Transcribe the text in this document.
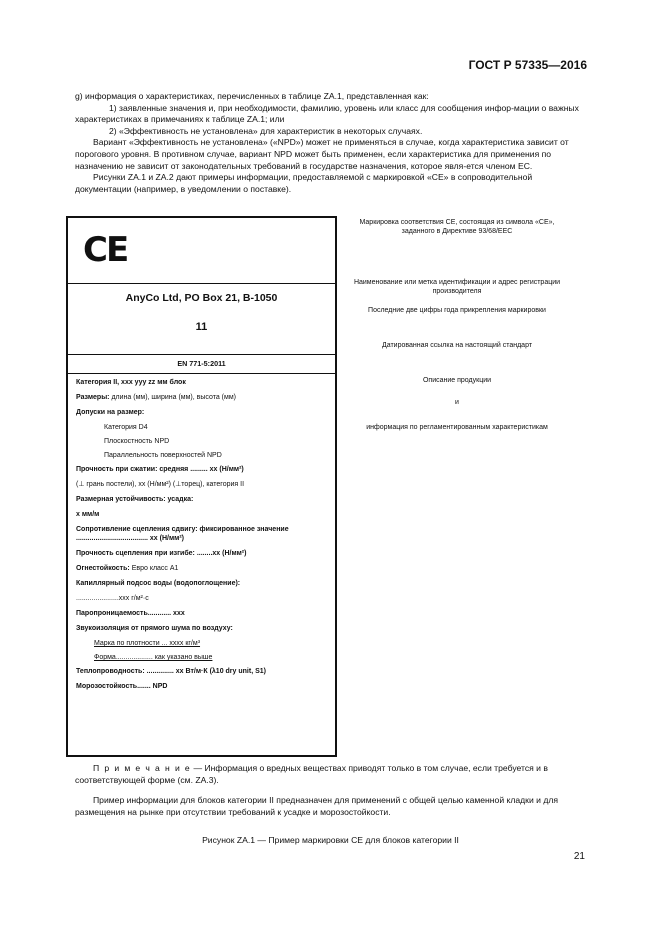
ГОСТ Р 57335—2016

g) информация о характеристиках, перечисленных в таблице ZA.1, представленная как:

1) заявленные значения и, при необходимости, фамилию, уровень или класс для сообщения инфор-мации о важных характеристиках в примечаниях к таблице ZA.1; или

2) «Эффективность не установлена» для характеристик в некоторых случаях.

Вариант «Эффективность не установлена» («NPD») может не применяться в случае, когда характеристика зависит от порогового уровня. В противном случае, вариант NPD может быть применен, если характеристика для применения по назначению не зависит от законодательных требований в государстве назначения, которое явля-ется членом ЕС.

Рисунки ZA.1 и ZA.2 дают примеры информации, предоставляемой с маркировкой «CE» в сопроводительной документации (например, в уведомлении о поставке).

CE
AnyCo Ltd, PO Box 21, B-1050
11
EN 771-5:2011
Категория II, xxx yyy zz мм блок
Размеры: длина (мм), ширина (мм), высота (мм)
Допуски на размер:
Категория D4
Плоскостность NPD
Параллельность поверхностей NPD
Прочность при сжатии: средняя ......... xx (Н/мм²)
(⊥ грань постели), xx (Н/мм²) (⊥торец), категория II
Размерная устойчивость: усадка:
x мм/м
Сопротивление сцепления сдвигу: фиксированное значение ..................................... xx (Н/мм²)
Прочность сцепления при изгибе: ........xx (Н/мм²)
Огнестойкость: Евро класс А1
Капиллярный подсос воды (водопоглощение):
......................xxx г/м²·с
Паропроницаемость............ xxx
Звукоизоляция от прямого шума по воздуху:
Марка по плотности ... xxxx кг/м³
Форма................... как указано выше
Теплопроводность: .............. xx Вт/м·К (λ10 dry unit, S1)
Морозостойкость....... NPD
Маркировка соответствия CE, состоящая из символа «CE», заданного в Директиве 93/68/EEC
Наименование или метка идентификации и адрес регистрации производителя
Последние две цифры года прикрепления маркировки
Датированная ссылка на настоящий стандарт
Описание продукции
и
информация по регламентированным характеристикам
П р и м е ч а н и е — Информация о вредных веществах приводят только в том случае, если требуется и в соответствующей форме (см. ZA.3).
Пример информации для блоков категории II предназначен для применений с общей целью каменной кладки и для размещения на рынке при отсутствии требований к усадке и морозостойкости.
Рисунок ZA.1 — Пример маркировки СЕ для блоков категории II
21
